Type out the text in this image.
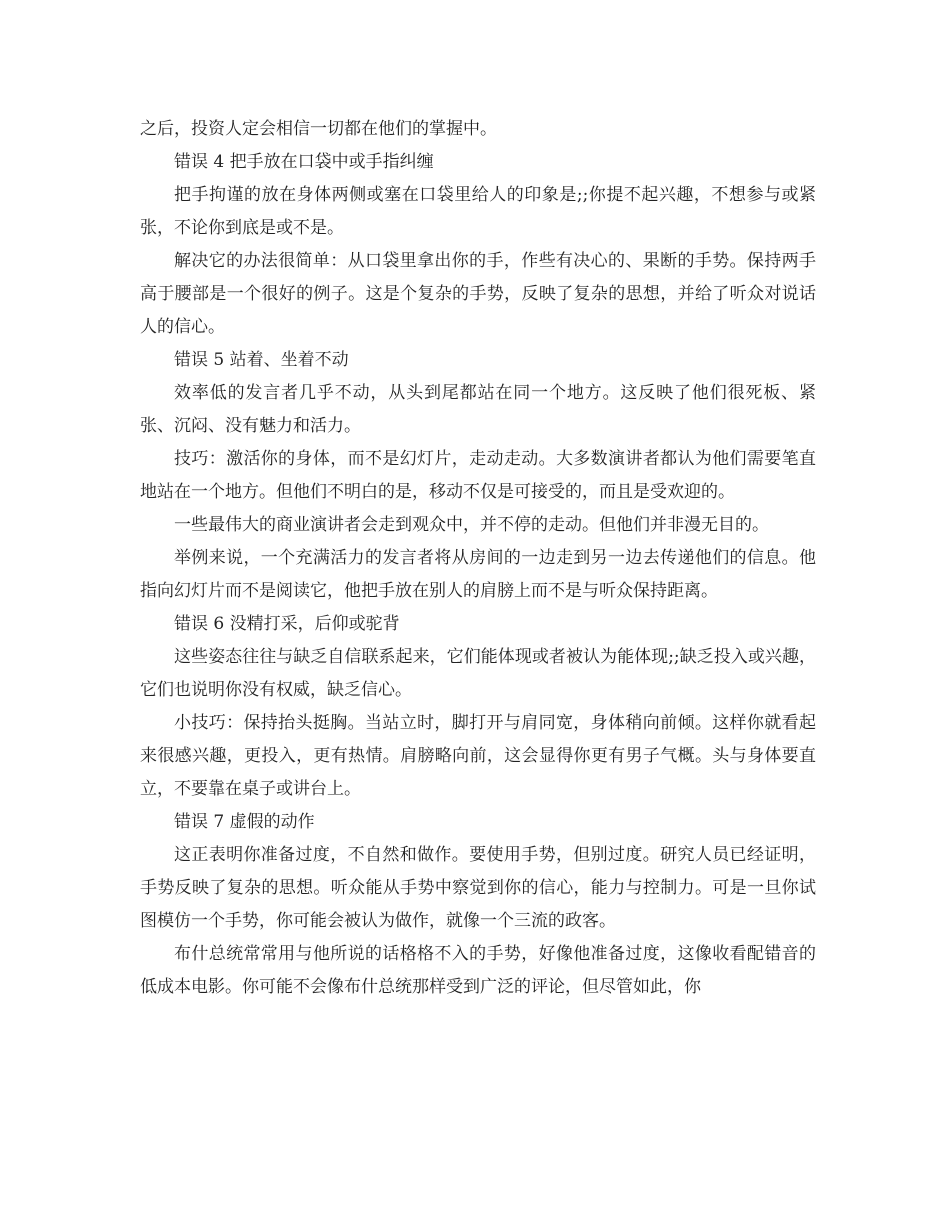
之后，投资人定会相信一切都在他们的掌握中。

错误 4 把手放在口袋中或手指纠缠

把手拘谨的放在身体两侧或塞在口袋里给人的印象是;;你提不起兴趣，不想参与或紧张，不论你到底是或不是。

解决它的办法很简单：从口袋里拿出你的手，作些有决心的、果断的手势。保持两手高于腰部是一个很好的例子。这是个复杂的手势，反映了复杂的思想，并给了听众对说话人的信心。

错误 5 站着、坐着不动

效率低的发言者几乎不动，从头到尾都站在同一个地方。这反映了他们很死板、紧张、沉闷、没有魅力和活力。

技巧：激活你的身体，而不是幻灯片，走动走动。大多数演讲者都认为他们需要笔直地站在一个地方。但他们不明白的是，移动不仅是可接受的，而且是受欢迎的。

一些最伟大的商业演讲者会走到观众中，并不停的走动。但他们并非漫无目的。

举例来说，一个充满活力的发言者将从房间的一边走到另一边去传递他们的信息。他指向幻灯片而不是阅读它，他把手放在别人的肩膀上而不是与听众保持距离。

错误 6 没精打采，后仰或驼背

这些姿态往往与缺乏自信联系起来，它们能体现或者被认为能体现;;缺乏投入或兴趣，它们也说明你没有权威，缺乏信心。

小技巧：保持抬头挺胸。当站立时，脚打开与肩同宽，身体稍向前倾。这样你就看起来很感兴趣，更投入，更有热情。肩膀略向前，这会显得你更有男子气概。头与身体要直立，不要靠在桌子或讲台上。

错误 7 虚假的动作

这正表明你准备过度，不自然和做作。要使用手势，但别过度。研究人员已经证明，手势反映了复杂的思想。听众能从手势中察觉到你的信心，能力与控制力。可是一旦你试图模仿一个手势，你可能会被认为做作，就像一个三流的政客。

布什总统常常用与他所说的话格格不入的手势，好像他准备过度，这像收看配错音的低成本电影。你可能不会像布什总统那样受到广泛的评论，但尽管如此，你
